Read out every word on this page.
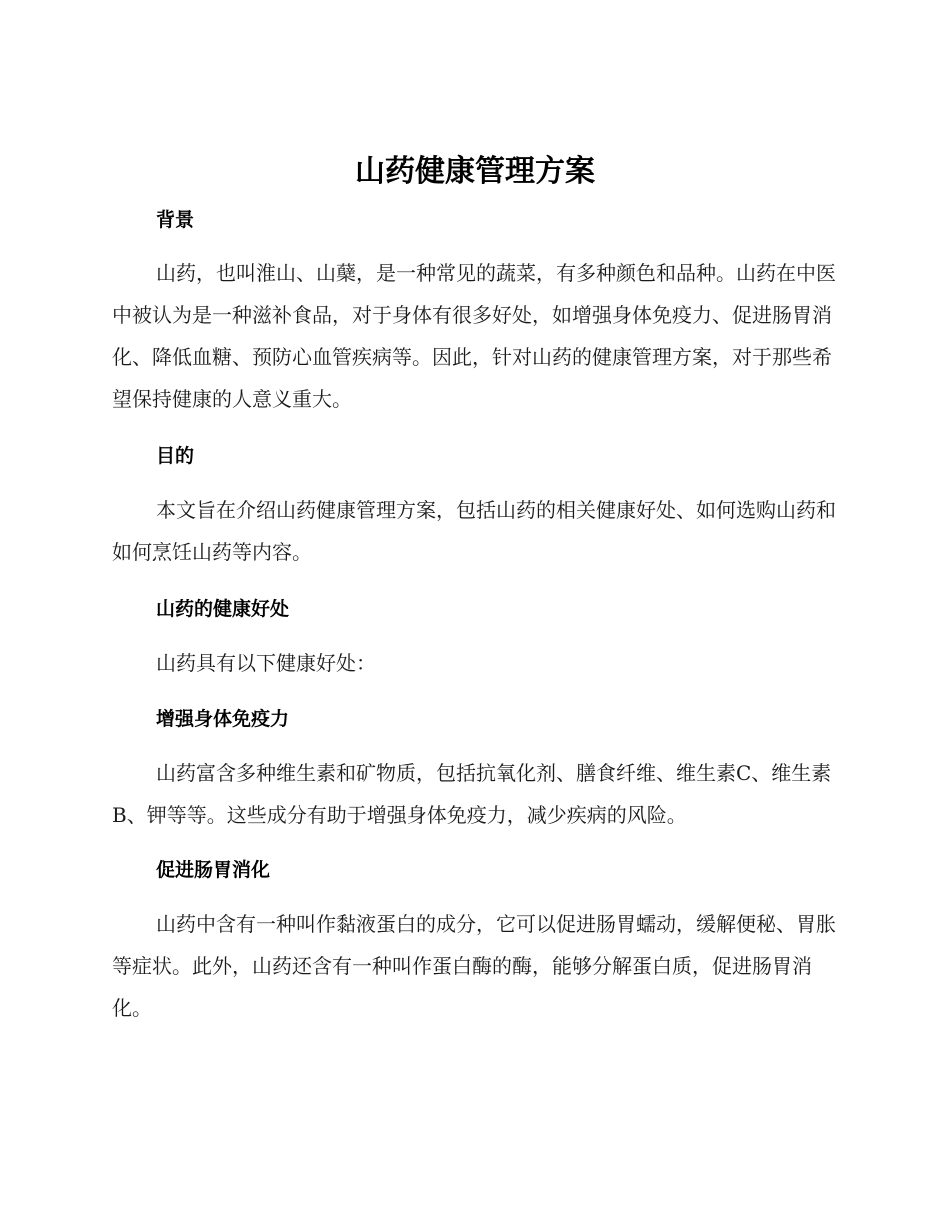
山药健康管理方案
背景

山药，也叫淮山、山蘖，是一种常见的蔬菜，有多种颜色和品种。山药在中医中被认为是一种滋补食品，对于身体有很多好处，如增强身体免疫力、促进肠胃消化、降低血糖、预防心血管疾病等。因此，针对山药的健康管理方案，对于那些希望保持健康的人意义重大。

目的

本文旨在介绍山药健康管理方案，包括山药的相关健康好处、如何选购山药和如何烹饪山药等内容。

山药的健康好处

山药具有以下健康好处：

增强身体免疫力

山药富含多种维生素和矿物质，包括抗氧化剂、膳食纤维、维生素C、维生素B、钾等等。这些成分有助于增强身体免疫力，减少疾病的风险。

促进肠胃消化

山药中含有一种叫作黏液蛋白的成分，它可以促进肠胃蠕动，缓解便秘、胃胀等症状。此外，山药还含有一种叫作蛋白酶的酶，能够分解蛋白质，促进肠胃消化。
